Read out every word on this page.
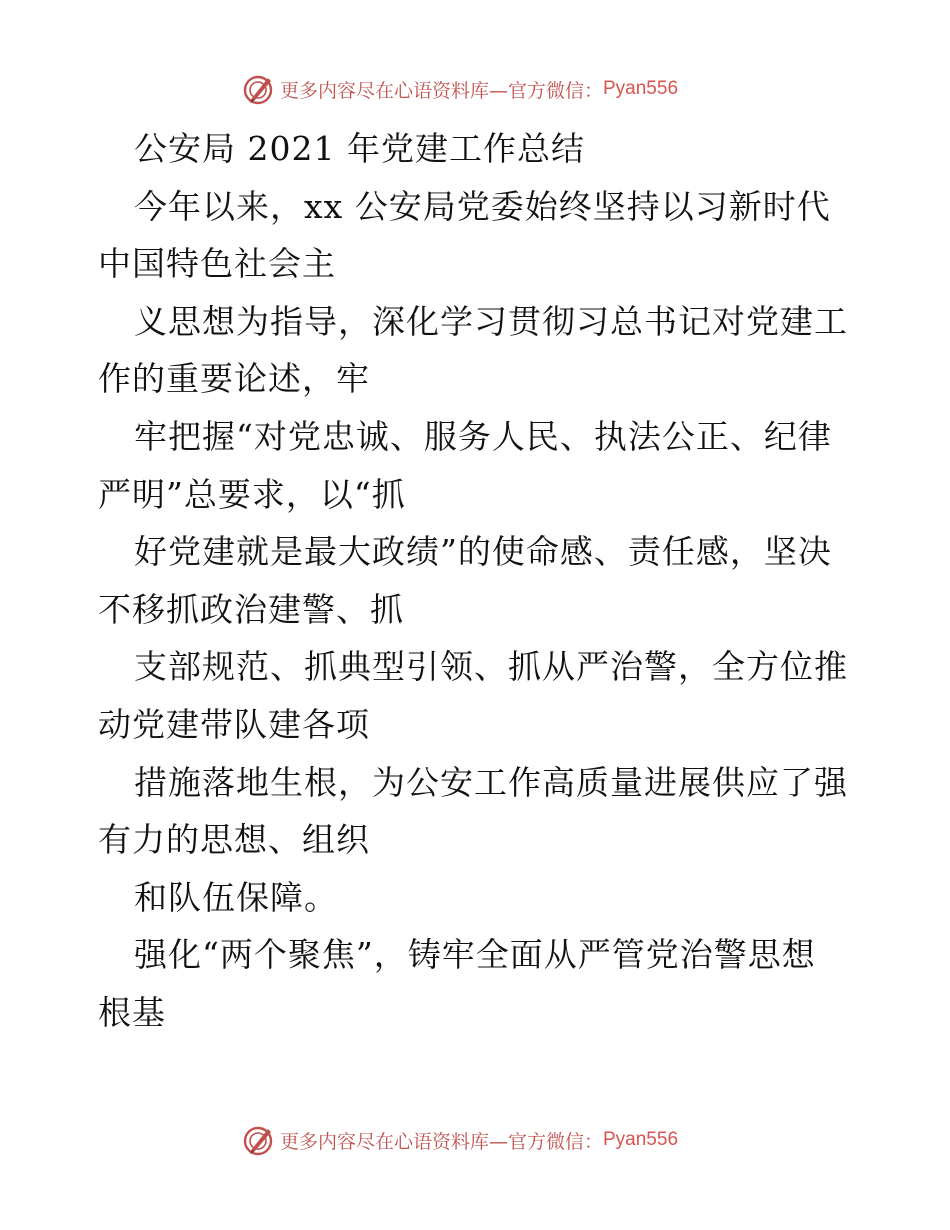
更多内容尽在心语资料库—官方微信： Pyan556
公安局 2021 年党建工作总结
今年以来，xx 公安局党委始终坚持以习新时代
中国特色社会主
义思想为指导，深化学习贯彻习总书记对党建工
作的重要论述，牢
牢把握“对党忠诚、服务人民、执法公正、纪律
严明”总要求，以“抓
好党建就是最大政绩”的使命感、责任感，坚决
不移抓政治建警、抓
支部规范、抓典型引领、抓从严治警，全方位推
动党建带队建各项
措施落地生根，为公安工作高质量进展供应了强
有力的思想、组织
和队伍保障。
强化“两个聚焦”，铸牢全面从严管党治警思想
根基
更多内容尽在心语资料库—官方微信： Pyan556
